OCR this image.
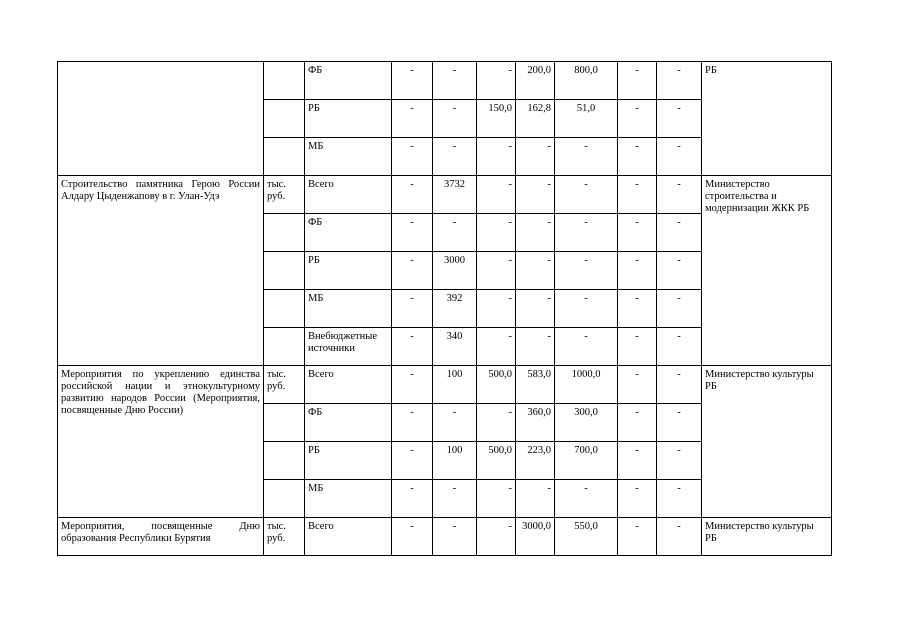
		ФБ	-	-	-	200,0	800,0	-	-	РБ
		РБ	-	-	150,0	162,8	51,0	-	-	
		МБ	-	-	-	-	-	-	-	
Строительство памятника Герою России Алдару Цыденжапову в г. Улан-Удэ	тыс. руб.	Всего	-	3732	-	-	-	-	-	Министерство строительства и модернизации ЖКК РБ
		ФБ	-	-	-	-	-	-	-	
		РБ	-	3000	-	-	-	-	-	
		МБ	-	392	-	-	-	-	-	
		Внебюджетные источники	-	340	-	-	-	-	-	
Мероприятия по укреплению единства российской нации и этнокультурному развитию народов России (Мероприятия, посвященные Дню России)	тыс. руб.	Всего	-	100	500,0	583,0	1000,0	-	-	Министерство культуры РБ
		ФБ	-	-	-	360,0	300,0	-	-	
		РБ	-	100	500,0	223,0	700,0	-	-	
		МБ	-	-	-	-	-	-	-	
Мероприятия, посвященные Дню образования Республики Бурятия	тыс. руб.	Всего	-	-	-	3000,0	550,0	-	-	Министерство культуры РБ
